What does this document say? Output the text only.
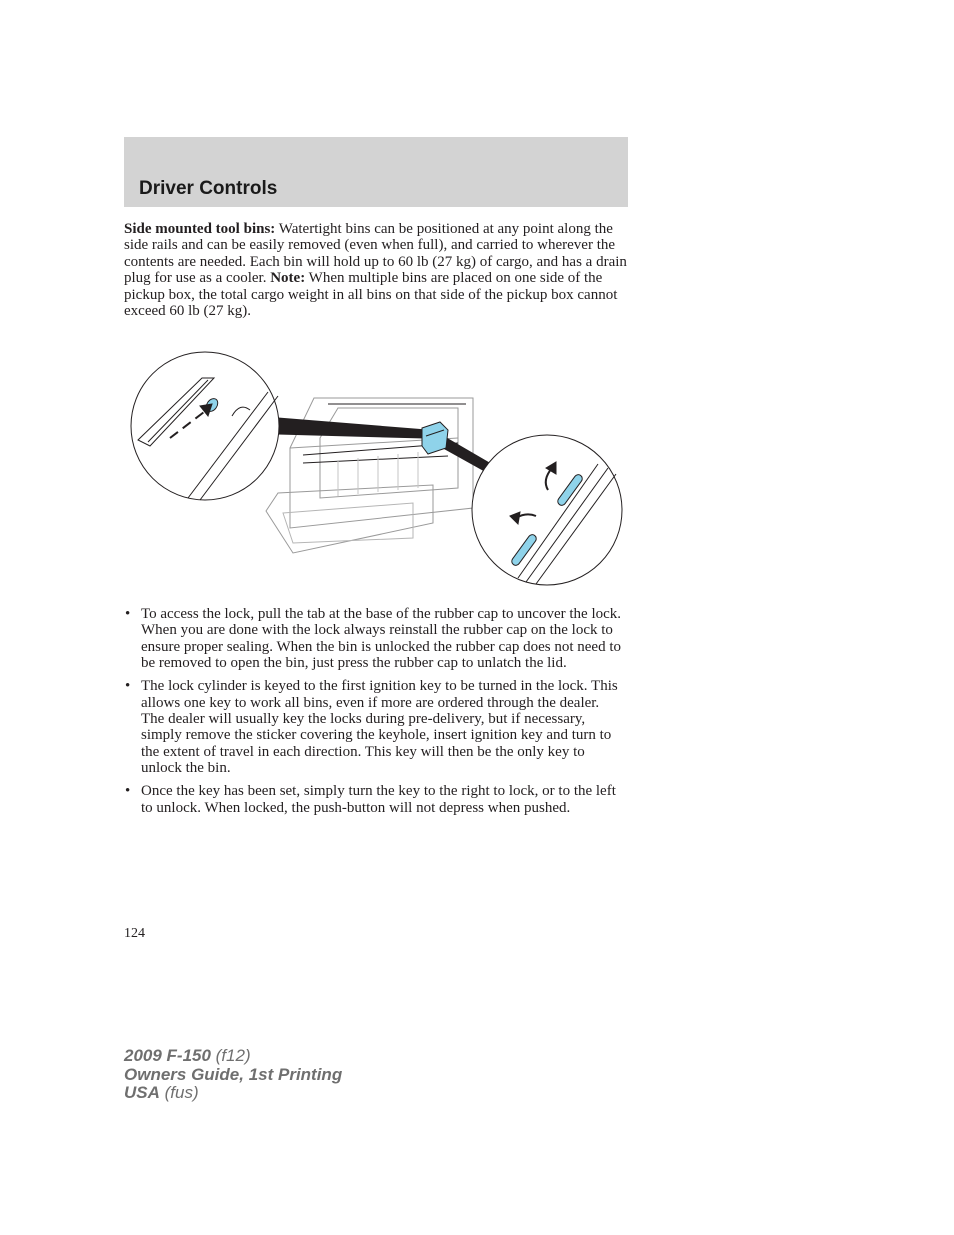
Driver Controls

Side mounted tool bins: Watertight bins can be positioned at any point along the side rails and can be easily removed (even when full), and carried to wherever the contents are needed. Each bin will hold up to 60 lb (27 kg) of cargo, and has a drain plug for use as a cooler. Note: When multiple bins are placed on one side of the pickup box, the total cargo weight in all bins on that side of the pickup box cannot exceed 60 lb (27 kg).

• To access the lock, pull the tab at the base of the rubber cap to uncover the lock. When you are done with the lock always reinstall the rubber cap on the lock to ensure proper sealing. When the bin is unlocked the rubber cap does not need to be removed to open the bin, just press the rubber cap to unlatch the lid.
• The lock cylinder is keyed to the first ignition key to be turned in the lock. This allows one key to work all bins, even if more are ordered through the dealer. The dealer will usually key the locks during pre-delivery, but if necessary, simply remove the sticker covering the keyhole, insert ignition key and turn to the extent of travel in each direction. This key will then be the only key to unlock the bin.
• Once the key has been set, simply turn the key to the right to lock, or to the left to unlock. When locked, the push-button will not depress when pushed.
124
2009 F-150 (f12)
Owners Guide, 1st Printing
USA (fus)
